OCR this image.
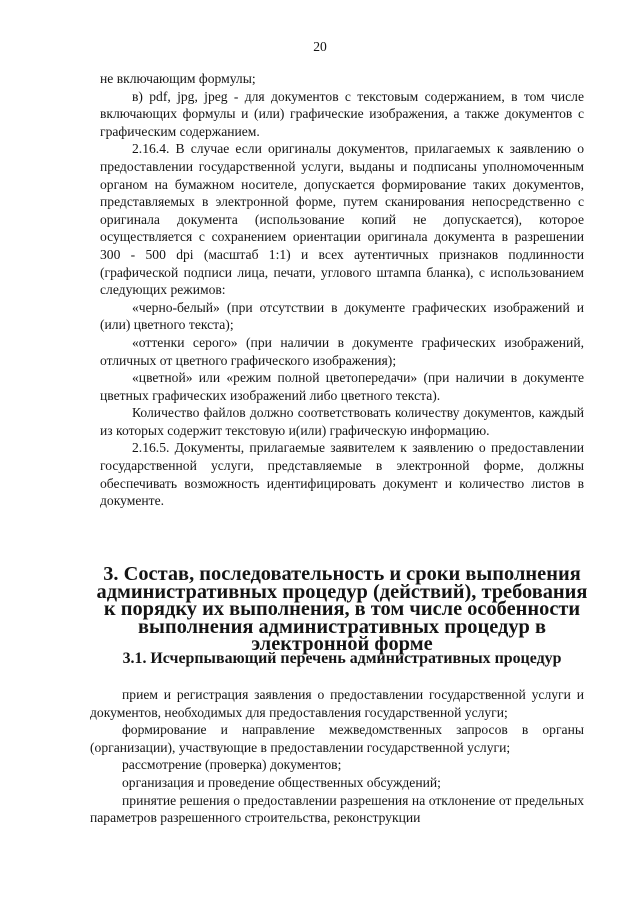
20

не включающим формулы;

в) pdf, jpg, jpeg - для документов с текстовым содержанием, в том числе включающих формулы и (или) графические изображения, а также документов с графическим содержанием.

2.16.4. В случае если оригиналы документов, прилагаемых к заявлению о предоставлении государственной услуги, выданы и подписаны уполномоченным органом на бумажном носителе, допускается формирование таких документов, представляемых в электронной форме, путем сканирования непосредственно с оригинала документа (использование копий не допускается), которое осуществляется с сохранением ориентации оригинала документа в разрешении 300 - 500 dpi (масштаб 1:1) и всех аутентичных признаков подлинности (графической подписи лица, печати, углового штампа бланка), с использованием следующих режимов:

«черно-белый» (при отсутствии в документе графических изображений и (или) цветного текста);

«оттенки серого» (при наличии в документе графических изображений, отличных от цветного графического изображения);

«цветной» или «режим полной цветопередачи» (при наличии в документе цветных графических изображений либо цветного текста).

Количество файлов должно соответствовать количеству документов, каждый из которых содержит текстовую и(или) графическую информацию.

2.16.5. Документы, прилагаемые заявителем к заявлению о предоставлении государственной услуги, представляемые в электронной форме, должны обеспечивать возможность идентифицировать документ и количество листов в документе.

3. Состав, последовательность и сроки выполнения административных процедур (действий), требования к порядку их выполнения, в том числе особенности выполнения административных процедур в электронной форме
3.1. Исчерпывающий перечень административных процедур

прием и регистрация заявления о предоставлении государственной услуги и документов, необходимых для предоставления государственной услуги;

формирование и направление межведомственных запросов в органы (организации), участвующие в предоставлении государственной услуги;

рассмотрение (проверка) документов;

организация и проведение общественных обсуждений;

принятие решения о предоставлении разрешения на отклонение от предельных параметров разрешенного строительства, реконструкции
